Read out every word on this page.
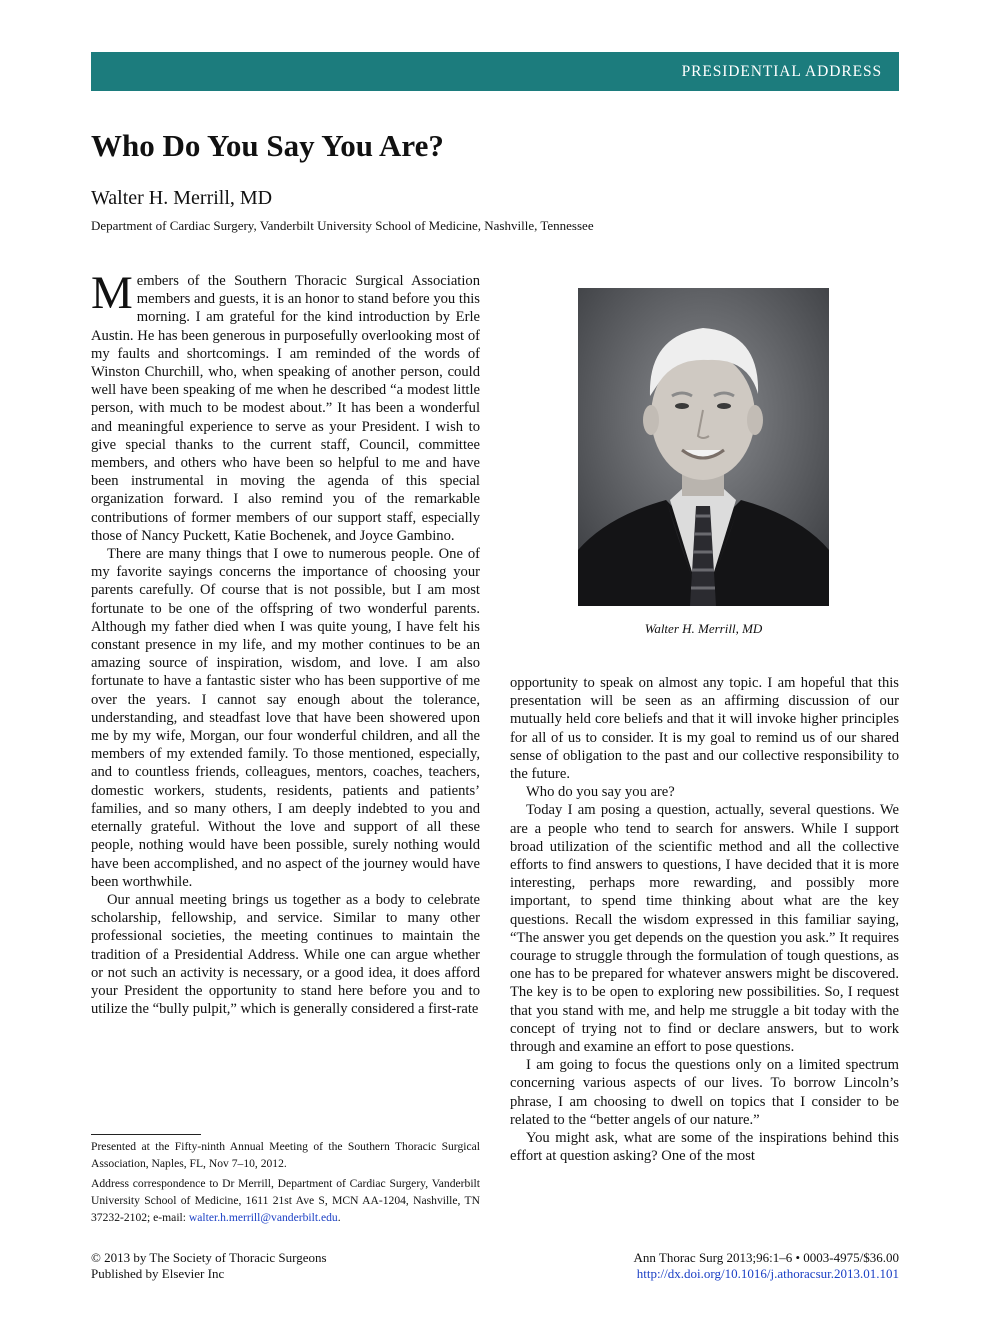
PRESIDENTIAL ADDRESS
Who Do You Say You Are?
Walter H. Merrill, MD
Department of Cardiac Surgery, Vanderbilt University School of Medicine, Nashville, Tennessee

Members of the Southern Thoracic Surgical Association members and guests, it is an honor to stand before you this morning. I am grateful for the kind introduction by Erle Austin. He has been generous in purposefully overlooking most of my faults and shortcomings. I am reminded of the words of Winston Churchill, who, when speaking of another person, could well have been speaking of me when he described “a modest little person, with much to be modest about.” It has been a wonderful and meaningful experience to serve as your President. I wish to give special thanks to the current staff, Council, committee members, and others who have been so helpful to me and have been instrumental in moving the agenda of this special organization forward. I also remind you of the remarkable contributions of former members of our support staff, especially those of Nancy Puckett, Katie Bochenek, and Joyce Gambino.

There are many things that I owe to numerous people. One of my favorite sayings concerns the importance of choosing your parents carefully. Of course that is not possible, but I am most fortunate to be one of the offspring of two wonderful parents. Although my father died when I was quite young, I have felt his constant presence in my life, and my mother continues to be an amazing source of inspiration, wisdom, and love. I am also fortunate to have a fantastic sister who has been supportive of me over the years. I cannot say enough about the tolerance, understanding, and steadfast love that have been showered upon me by my wife, Morgan, our four wonderful children, and all the members of my extended family. To those mentioned, especially, and to countless friends, colleagues, mentors, coaches, teachers, domestic workers, students, residents, patients and patients’ families, and so many others, I am deeply indebted to you and eternally grateful. Without the love and support of all these people, nothing would have been possible, surely nothing would have been accomplished, and no aspect of the journey would have been worthwhile.

Our annual meeting brings us together as a body to celebrate scholarship, fellowship, and service. Similar to many other professional societies, the meeting continues to maintain the tradition of a Presidential Address. While one can argue whether or not such an activity is necessary, or a good idea, it does afford your President the opportunity to stand here before you and to utilize the “bully pulpit,” which is generally considered a first-rate

Walter H. Merrill, MD

opportunity to speak on almost any topic. I am hopeful that this presentation will be seen as an affirming discussion of our mutually held core beliefs and that it will invoke higher principles for all of us to consider. It is my goal to remind us of our shared sense of obligation to the past and our collective responsibility to the future.

Who do you say you are?

Today I am posing a question, actually, several questions. We are a people who tend to search for answers. While I support broad utilization of the scientific method and all the collective efforts to find answers to questions, I have decided that it is more interesting, perhaps more rewarding, and possibly more important, to spend time thinking about what are the key questions. Recall the wisdom expressed in this familiar saying, “The answer you get depends on the question you ask.” It requires courage to struggle through the formulation of tough questions, as one has to be prepared for whatever answers might be discovered. The key is to be open to exploring new possibilities. So, I request that you stand with me, and help me struggle a bit today with the concept of trying not to find or declare answers, but to work through and examine an effort to pose questions.

I am going to focus the questions only on a limited spectrum concerning various aspects of our lives. To borrow Lincoln’s phrase, I am choosing to dwell on topics that I consider to be related to the “better angels of our nature.”

You might ask, what are some of the inspirations behind this effort at question asking? One of the most

Presented at the Fifty-ninth Annual Meeting of the Southern Thoracic Surgical Association, Naples, FL, Nov 7–10, 2012.
Address correspondence to Dr Merrill, Department of Cardiac Surgery, Vanderbilt University School of Medicine, 1611 21st Ave S, MCN AA-1204, Nashville, TN 37232-2102; e-mail: walter.h.merrill@vanderbilt.edu.
© 2013 by The Society of Thoracic Surgeons
Published by Elsevier Inc
Ann Thorac Surg 2013;96:1–6 • 0003-4975/$36.00
http://dx.doi.org/10.1016/j.athoracsur.2013.01.101
